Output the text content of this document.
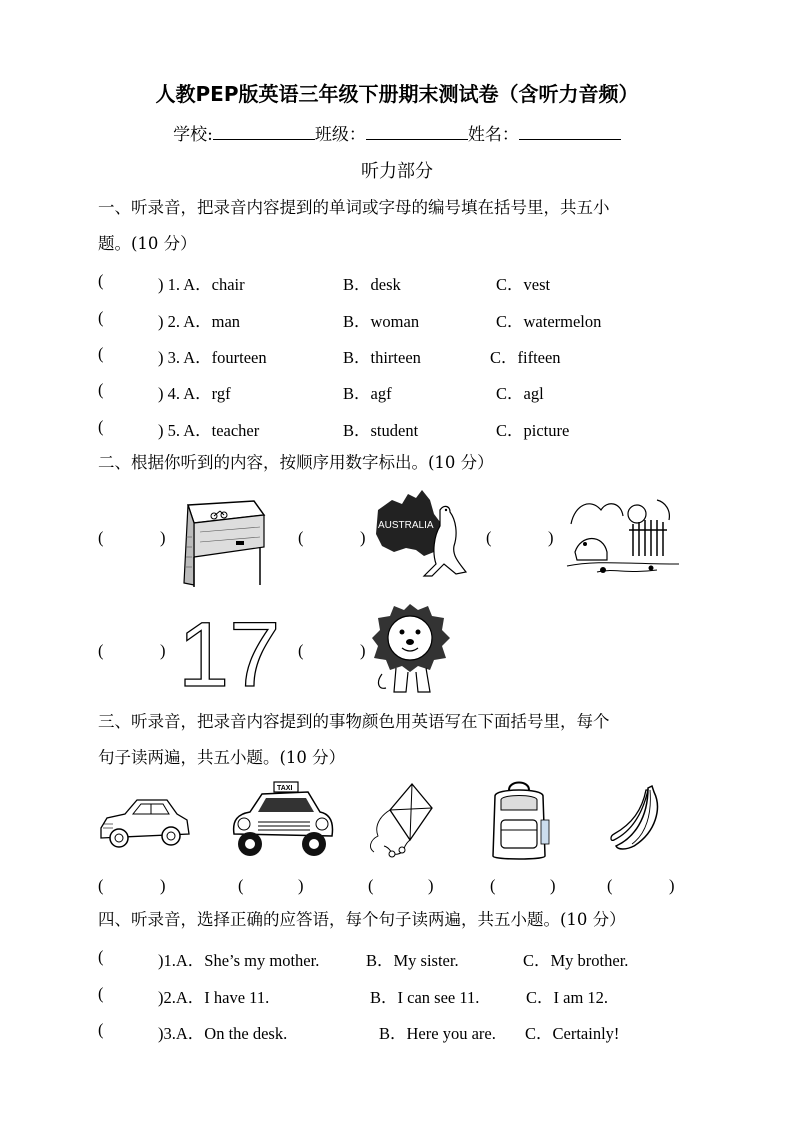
人教PEP版英语三年级下册期末测试卷（含听力音频）
学校:	班级：	姓名：
听力部分
一、听录音，把录音内容提到的单词或字母的编号填在括号里，共五小
题。(10 分）
(	) 1. A．chair	B．desk	C．vest
(	) 2. A．man	B．woman	C．watermelon
(	) 3. A．fourteen	B．thirteen	C．fifteen
(	) 4. A．rgf	B．agf	C．agl
(	) 5. A．teacher	B．student	C．picture
二、根据你听到的内容，按顺序用数字标出。(10 分）
(	)	(	)	(	)
AUSTRALIA
(	)	(	)
17
三、听录音，把录音内容提到的事物颜色用英语写在下面括号里，每个
句子读两遍，共五小题。(10 分）
TAXI
(	)	(	)	(	)	(	)	(	)
四、听录音，选择正确的应答语，每个句子读两遍，共五小题。(10 分）
(	)1.A．She’s my mother.	B．My sister.	C．My brother.
(	)2.A．I have 11.	B．I can see 11.	C．I am 12.
(	)3.A．On the desk.	B．Here you are. C．Certainly!
